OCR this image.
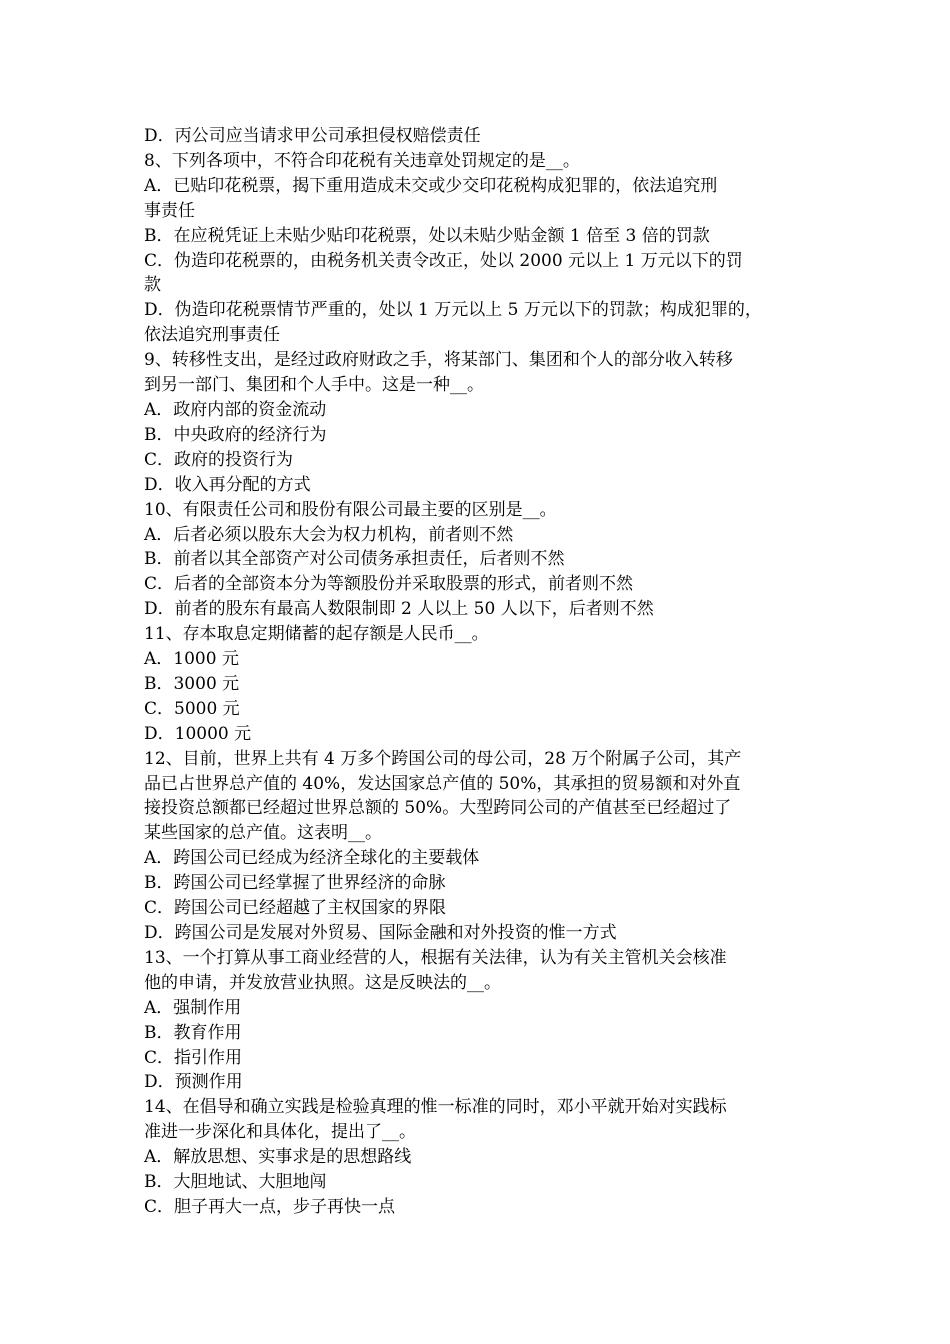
D．丙公司应当请求甲公司承担侵权赔偿责任

8、下列各项中，不符合印花税有关违章处罚规定的是__。

A．已贴印花税票，揭下重用造成未交或少交印花税构成犯罪的，依法追究刑

事责任

B．在应税凭证上未贴少贴印花税票，处以未贴少贴金额 1 倍至 3 倍的罚款

C．伪造印花税票的，由税务机关责令改正，处以 2000 元以上 1 万元以下的罚

款

D．伪造印花税票情节严重的，处以 1 万元以上 5 万元以下的罚款；构成犯罪的，

依法追究刑事责任

9、转移性支出，是经过政府财政之手，将某部门、集团和个人的部分收入转移

到另一部门、集团和个人手中。这是一种__。

A．政府内部的资金流动

B．中央政府的经济行为

C．政府的投资行为

D．收入再分配的方式

10、有限责任公司和股份有限公司最主要的区别是__。

A．后者必须以股东大会为权力机构，前者则不然

B．前者以其全部资产对公司债务承担责任，后者则不然

C．后者的全部资本分为等额股份并采取股票的形式，前者则不然

D．前者的股东有最高人数限制即 2 人以上 50 人以下，后者则不然

11、存本取息定期储蓄的起存额是人民币__。

A．1000 元

B．3000 元

C．5000 元

D．10000 元

12、目前，世界上共有 4 万多个跨国公司的母公司，28 万个附属子公司，其产

品已占世界总产值的 40%，发达国家总产值的 50%，其承担的贸易额和对外直

接投资总额都已经超过世界总额的 50%。大型跨同公司的产值甚至已经超过了

某些国家的总产值。这表明__。

A．跨国公司已经成为经济全球化的主要载体

B．跨国公司已经掌握了世界经济的命脉

C．跨国公司已经超越了主权国家的界限

D．跨国公司是发展对外贸易、国际金融和对外投资的惟一方式

13、一个打算从事工商业经营的人，根据有关法律，认为有关主管机关会核准

他的申请，并发放营业执照。这是反映法的__。

A．强制作用

B．教育作用

C．指引作用

D．预测作用

14、在倡导和确立实践是检验真理的惟一标准的同时，邓小平就开始对实践标

准进一步深化和具体化，提出了__。

A．解放思想、实事求是的思想路线

B．大胆地试、大胆地闯

C．胆子再大一点，步子再快一点
